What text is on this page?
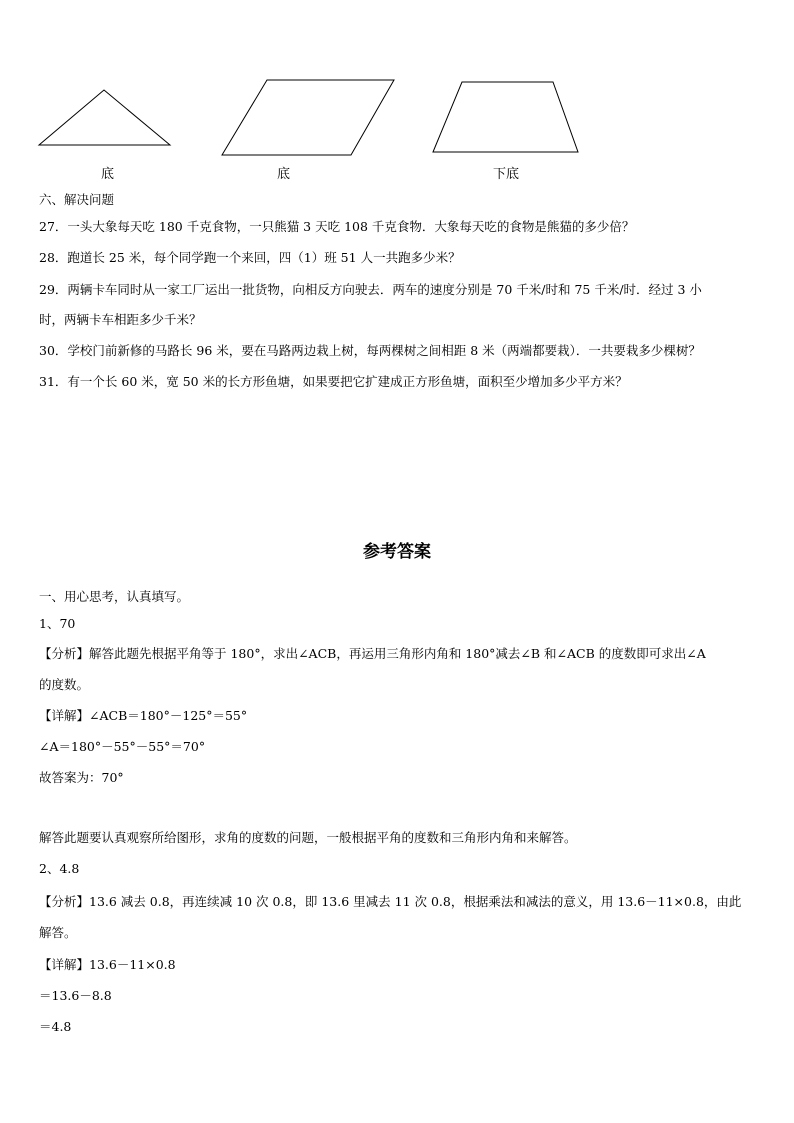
底	底	下底
六、解决问题
27．一头大象每天吃 180 千克食物，一只熊猫 3 天吃 108 千克食物．大象每天吃的食物是熊猫的多少倍？
28．跑道长 25 米，每个同学跑一个来回，四（1）班 51 人一共跑多少米？
29．两辆卡车同时从一家工厂运出一批货物，向相反方向驶去．两车的速度分别是 70 千米/时和 75 千米/时．经过 3 小
时，两辆卡车相距多少千米？
30．学校门前新修的马路长 96 米，要在马路两边栽上树，每两棵树之间相距 8 米（两端都要栽）．一共要栽多少棵树？
31．有一个长 60 米，宽 50 米的长方形鱼塘，如果要把它扩建成正方形鱼塘，面积至少增加多少平方米？
参考答案
一、用心思考，认真填写。
1、70
【分析】解答此题先根据平角等于 180°，求出∠ACB，再运用三角形内角和 180°减去∠B 和∠ACB 的度数即可求出∠A
的度数。
【详解】∠ACB＝180°－125°＝55°
∠A＝180°－55°－55°＝70°
故答案为：70°
解答此题要认真观察所给图形，求角的度数的问题，一般根据平角的度数和三角形内角和来解答。
2、4.8
【分析】13.6 减去 0.8，再连续减 10 次 0.8，即 13.6 里减去 11 次 0.8，根据乘法和减法的意义，用 13.6－11×0.8，由此
解答。
【详解】13.6－11×0.8
＝13.6－8.8
＝4.8
